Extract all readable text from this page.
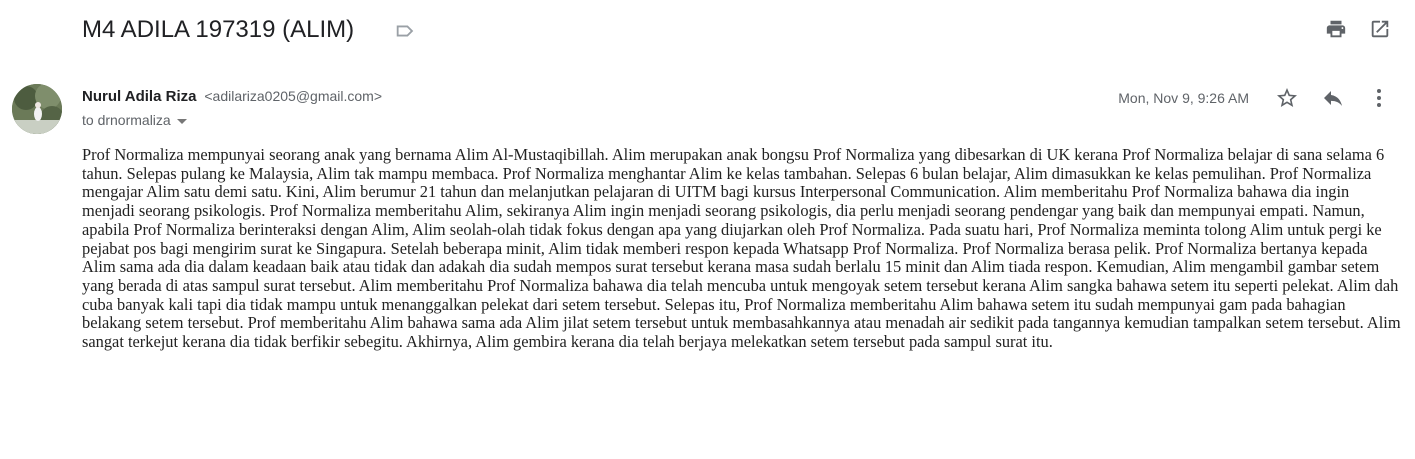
M4 ADILA 197319 (ALIM)
Nurul Adila Riza <adilariza0205@gmail.com>
to drnormaliza
Mon, Nov 9, 9:26 AM
Prof Normaliza mempunyai seorang anak yang bernama Alim Al-Mustaqibillah. Alim merupakan anak bongsu Prof Normaliza yang dibesarkan di UK kerana Prof Normaliza belajar di sana selama 6 tahun. Selepas pulang ke Malaysia, Alim tak mampu membaca. Prof Normaliza menghantar Alim ke kelas tambahan. Selepas 6 bulan belajar, Alim dimasukkan ke kelas pemulihan. Prof Normaliza mengajar Alim satu demi satu. Kini, Alim berumur 21 tahun dan melanjutkan pelajaran di UITM bagi kursus Interpersonal Communication. Alim memberitahu Prof Normaliza bahawa dia ingin menjadi seorang psikologis. Prof Normaliza memberitahu Alim, sekiranya Alim ingin menjadi seorang psikologis, dia perlu menjadi seorang pendengar yang baik dan mempunyai empati. Namun, apabila Prof Normaliza berinteraksi dengan Alim, Alim seolah-olah tidak fokus dengan apa yang diujarkan oleh Prof Normaliza. Pada suatu hari, Prof Normaliza meminta tolong Alim untuk pergi ke pejabat pos bagi mengirim surat ke Singapura. Setelah beberapa minit, Alim tidak memberi respon kepada Whatsapp Prof Normaliza. Prof Normaliza berasa pelik. Prof Normaliza bertanya kepada Alim sama ada dia dalam keadaan baik atau tidak dan adakah dia sudah mempos surat tersebut kerana masa sudah berlalu 15 minit dan Alim tiada respon. Kemudian, Alim mengambil gambar setem yang berada di atas sampul surat tersebut. Alim memberitahu Prof Normaliza bahawa dia telah mencuba untuk mengoyak setem tersebut kerana Alim sangka bahawa setem itu seperti pelekat. Alim dah cuba banyak kali tapi dia tidak mampu untuk menanggalkan pelekat dari setem tersebut. Selepas itu, Prof Normaliza memberitahu Alim bahawa setem itu sudah mempunyai gam pada bahagian belakang setem tersebut. Prof memberitahu Alim bahawa sama ada Alim jilat setem tersebut untuk membasahkannya atau menadah air sedikit pada tangannya kemudian tampalkan setem tersebut. Alim sangat terkejut kerana dia tidak berfikir sebegitu. Akhirnya, Alim gembira kerana dia telah berjaya melekatkan setem tersebut pada sampul surat itu.
